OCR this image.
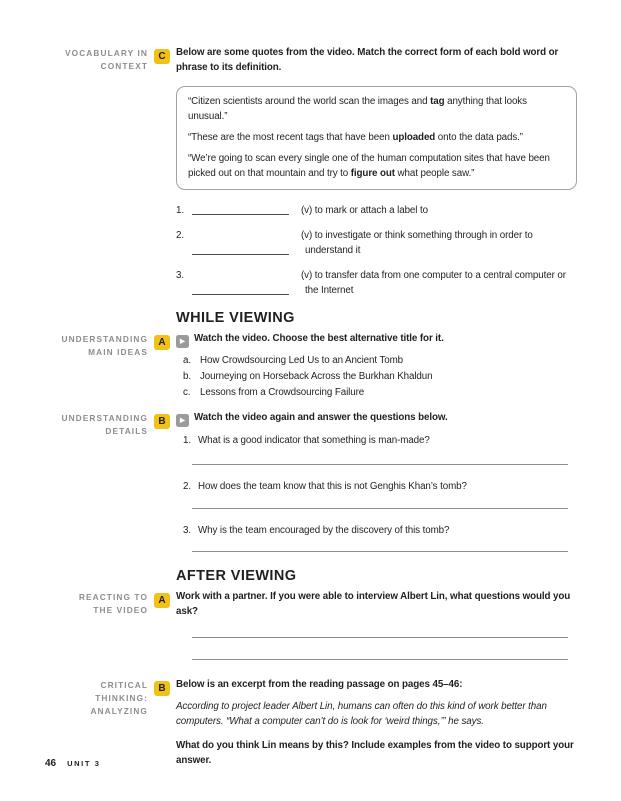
VOCABULARY IN
CONTEXT
C	Below are some quotes from the video. Match the correct form of each bold word or phrase to its definition.

“Citizen scientists around the world scan the images and tag anything that looks unusual.”

“These are the most recent tags that have been uploaded onto the data pads.”

“We’re going to scan every single one of the human computation sites that have been picked out on that mountain and try to figure out what people saw.”

1.	(v) to mark or attach a label to
2.	(v) to investigate or think something through in order to understand it
3.	(v) to transfer data from one computer to a central computer or the Internet
WHILE VIEWING
UNDERSTANDING
MAIN IDEAS
A	▶ Watch the video. Choose the best alternative title for it.

a. How Crowdsourcing Led Us to an Ancient Tomb
b. Journeying on Horseback Across the Burkhan Khaldun
c. Lessons from a Crowdsourcing Failure
UNDERSTANDING
DETAILS
B	▶ Watch the video again and answer the questions below.

1. What is a good indicator that something is man-made?
2. How does the team know that this is not Genghis Khan’s tomb?
3. Why is the team encouraged by the discovery of this tomb?
AFTER VIEWING
REACTING TO
THE VIDEO
A	Work with a partner. If you were able to interview Albert Lin, what questions would you ask?

CRITICAL THINKING:
ANALYZING
B	Below is an excerpt from the reading passage on pages 45–46:

According to project leader Albert Lin, humans can often do this kind of work better than computers. “What a computer can’t do is look for ‘weird things,’” he says.

What do you think Lin means by this? Include examples from the video to support your answer.

46 UNIT 3
